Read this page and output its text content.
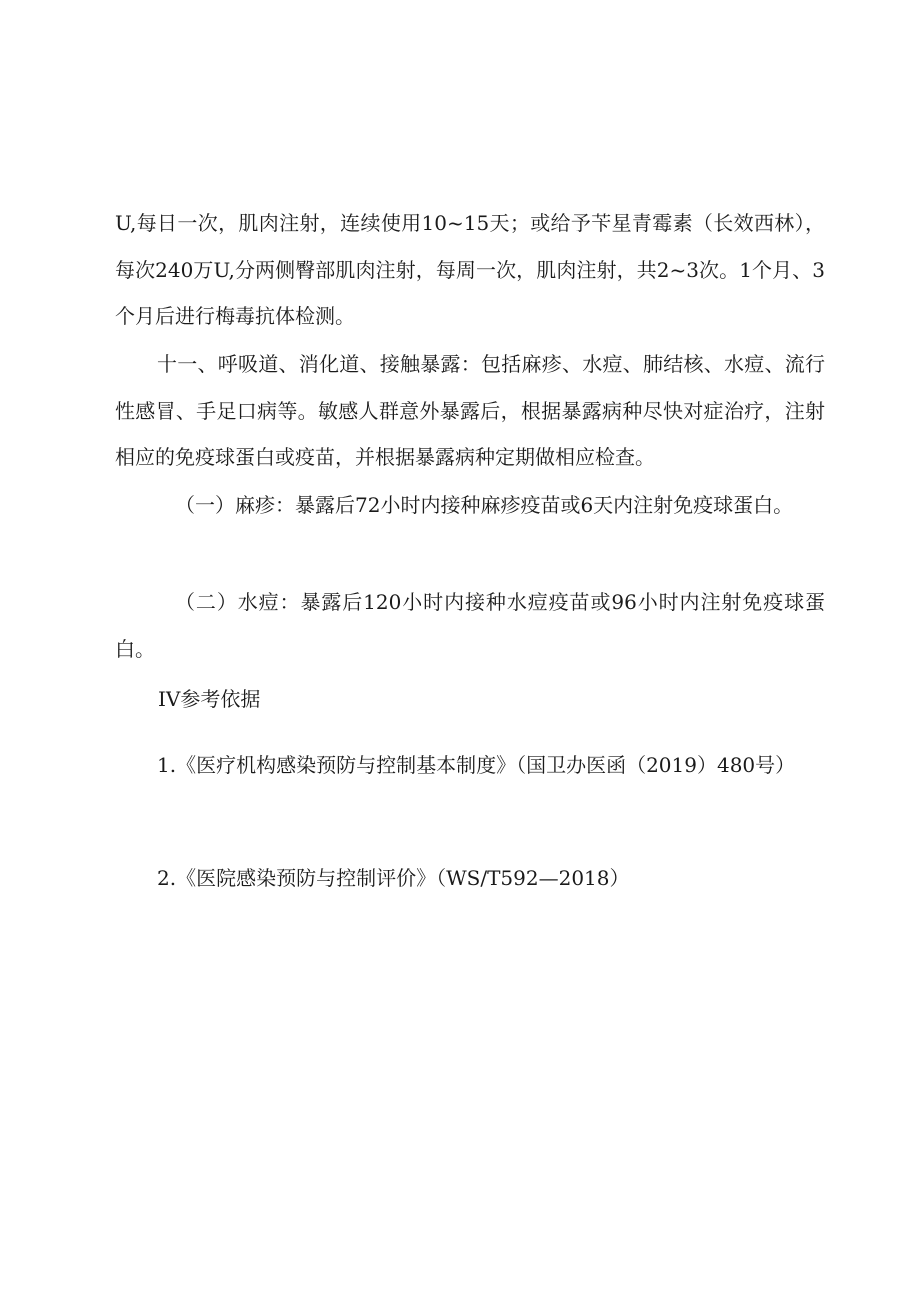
U,每日一次，肌肉注射，连续使用10~15天；或给予苄星青霉素（长效西林），每次240万U,分两侧臀部肌肉注射，每周一次，肌肉注射，共2~3次。1个月、3个月后进行梅毒抗体检测。

十一、呼吸道、消化道、接触暴露：包括麻疹、水痘、肺结核、水痘、流行性感冒、手足口病等。敏感人群意外暴露后，根据暴露病种尽快对症治疗，注射相应的免疫球蛋白或疫苗，并根据暴露病种定期做相应检查。

（一）麻疹：暴露后72小时内接种麻疹疫苗或6天内注射免疫球蛋白。

（二）水痘：暴露后120小时内接种水痘疫苗或96小时内注射免疫球蛋白。

IV参考依据

1.《医疗机构感染预防与控制基本制度》（国卫办医函（2019）480号）

2.《医院感染预防与控制评价》（WS/T592—2018）
